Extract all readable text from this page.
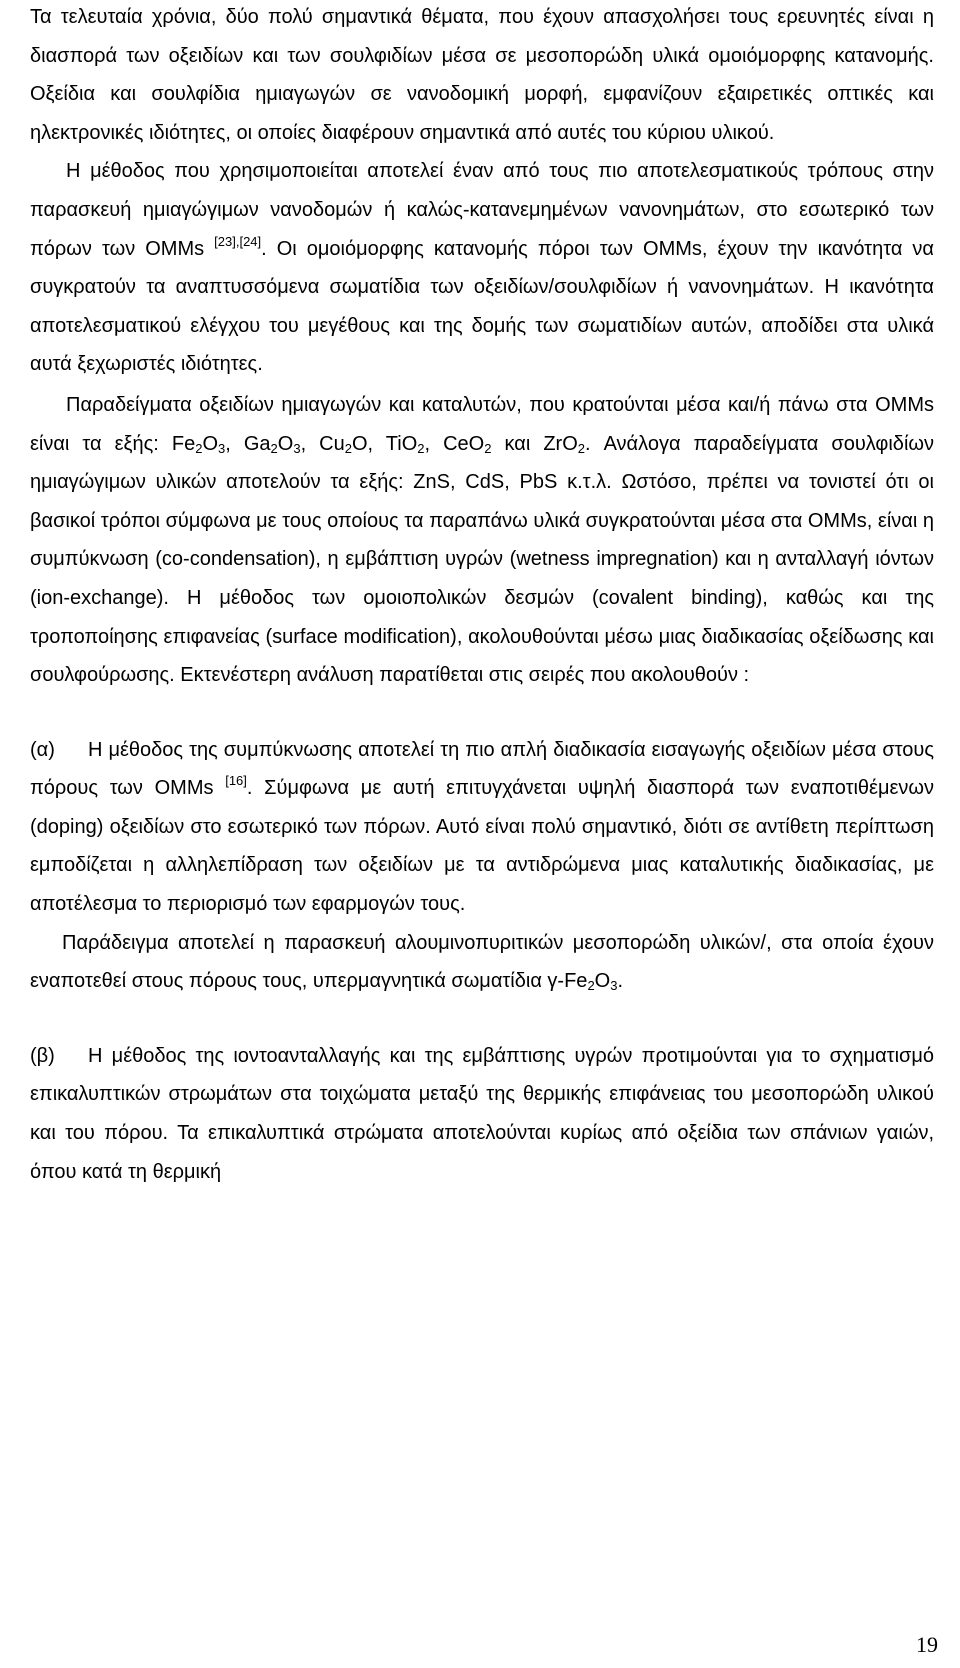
Τα τελευταία χρόνια, δύο πολύ σημαντικά θέματα, που έχουν απασχολήσει τους ερευνητές είναι η διασπορά των οξειδίων και των σουλφιδίων μέσα σε μεσοπορώδη υλικά ομοιόμορφης κατανομής. Οξείδια και σουλφίδια ημιαγωγών σε νανοδομική μορφή, εμφανίζουν εξαιρετικές οπτικές και ηλεκτρονικές ιδιότητες, οι οποίες διαφέρουν σημαντικά από αυτές του κύριου υλικού.

Η μέθοδος που χρησιμοποιείται αποτελεί έναν από τους πιο αποτελεσματικούς τρόπους στην παρασκευή ημιαγώγιμων νανοδομών ή καλώς-κατανεμημένων νανονημάτων, στο εσωτερικό των πόρων των OMMs [23],[24]. Οι ομοιόμορφης κατανομής πόροι των OMMs, έχουν την ικανότητα να συγκρατούν τα αναπτυσσόμενα σωματίδια των οξειδίων/σουλφιδίων ή νανονημάτων. Η ικανότητα αποτελεσματικού ελέγχου του μεγέθους και της δομής των σωματιδίων αυτών, αποδίδει στα υλικά αυτά ξεχωριστές ιδιότητες.

Παραδείγματα οξειδίων ημιαγωγών και καταλυτών, που κρατούνται μέσα και/ή πάνω στα OMMs είναι τα εξής: $Fe_2O_3$, $Ga_2O_3$, $Cu_2O$, TiO$_2$, CeO$_2$ και ZrO$_2$. Ανάλογα παραδείγματα σουλφιδίων ημιαγώγιμων υλικών αποτελούν τα εξής: ZnS, CdS, PbS κ.τ.λ. Ωστόσο, πρέπει να τονιστεί ότι οι βασικοί τρόποι σύμφωνα με τους οποίους τα παραπάνω υλικά συγκρατούνται μέσα στα OMMs, είναι η συμπύκνωση (co-condensation), η εμβάπτιση υγρών (wetness impregnation) και η ανταλλαγή ιόντων (ion-exchange). Η μέθοδος των ομοιοπολικών δεσμών (covalent binding), καθώς και της τροποποίησης επιφανείας (surface modification), ακολουθούνται μέσω μιας διαδικασίας οξείδωσης και σουλφούρωσης. Εκτενέστερη ανάλυση παρατίθεται στις σειρές που ακολουθούν :

(α) Η μέθοδος της συμπύκνωσης αποτελεί τη πιο απλή διαδικασία εισαγωγής οξειδίων μέσα στους πόρους των OMMs [16]. Σύμφωνα με αυτή επιτυγχάνεται υψηλή διασπορά των εναποτιθέμενων (doping) οξειδίων στο εσωτερικό των πόρων. Αυτό είναι πολύ σημαντικό, διότι σε αντίθετη περίπτωση εμποδίζεται η αλληλεπίδραση των οξειδίων με τα αντιδρώμενα μιας καταλυτικής διαδικασίας, με αποτέλεσμα το περιορισμό των εφαρμογών τους.

Παράδειγμα αποτελεί η παρασκευή αλουμινοπυριτικών μεσοπορώδη υλικών/, στα οποία έχουν εναποτεθεί στους πόρους τους, υπερμαγνητικά σωματίδια $\gamma-Fe_2O_3$.

(β) Η μέθοδος της ιοντοανταλλαγής και της εμβάπτισης υγρών προτιμούνται για το σχηματισμό επικαλυπτικών στρωμάτων στα τοιχώματα μεταξύ της θερμικής επιφάνειας του μεσοπορώδη υλικού και του πόρου. Τα επικαλυπτικά στρώματα αποτελούνται κυρίως από οξείδια των σπάνιων γαιών, όπου κατά τη θερμική

19
